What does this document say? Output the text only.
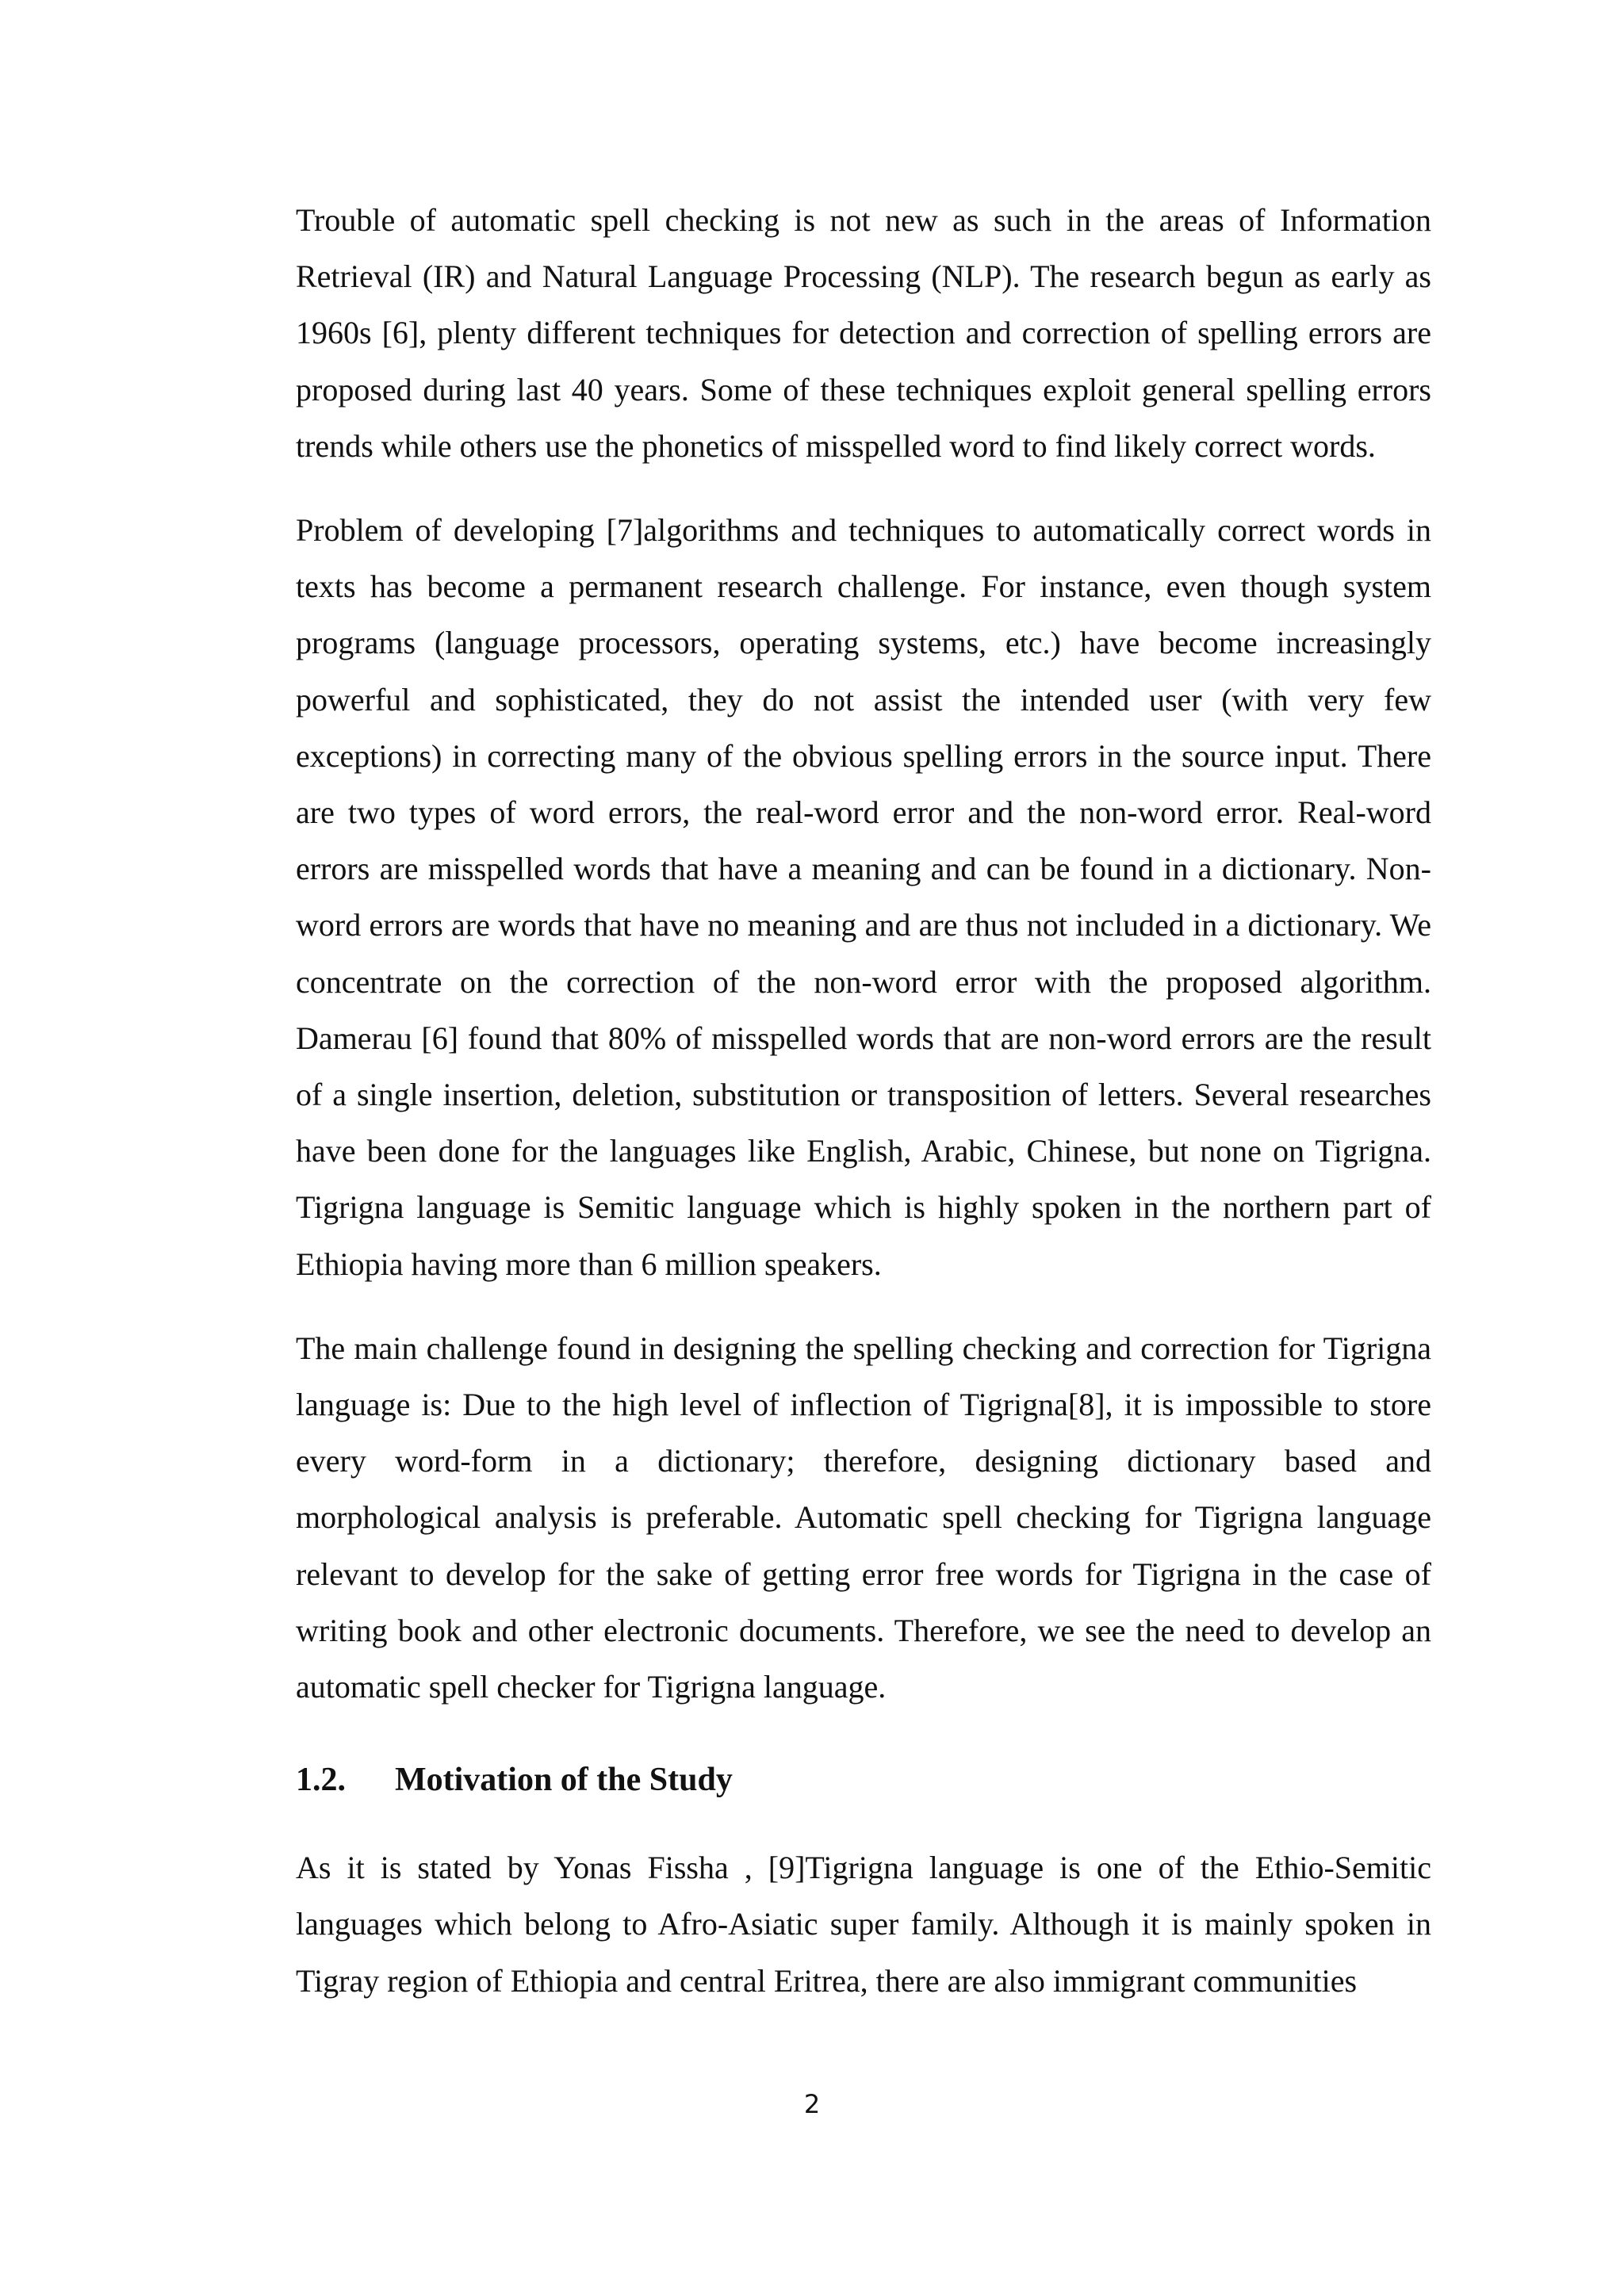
Trouble of automatic spell checking is not new as such in the areas of Information Retrieval (IR) and Natural Language Processing (NLP). The research begun as early as 1960s [6], plenty different techniques for detection and correction of spelling errors are proposed during last 40 years. Some of these techniques exploit general spelling errors trends while others use the phonetics of misspelled word to find likely correct words.

Problem of developing [7]algorithms and techniques to automatically correct words in texts has become a permanent research challenge. For instance, even though system programs (language processors, operating systems, etc.) have become increasingly powerful and sophisticated, they do not assist the intended user (with very few exceptions) in correcting many of the obvious spelling errors in the source input. There are two types of word errors, the real-word error and the non-word error. Real-word errors are misspelled words that have a meaning and can be found in a dictionary. Non-word errors are words that have no meaning and are thus not included in a dictionary. We concentrate on the correction of the non-word error with the proposed algorithm. Damerau [6] found that 80% of misspelled words that are non-word errors are the result of a single insertion, deletion, substitution or transposition of letters. Several researches have been done for the languages like English, Arabic, Chinese, but none on Tigrigna. Tigrigna language is Semitic language which is highly spoken in the northern part of Ethiopia having more than 6 million speakers.

The main challenge found in designing the spelling checking and correction for Tigrigna language is: Due to the high level of inflection of Tigrigna[8], it is impossible to store every word-form in a dictionary; therefore, designing dictionary based and morphological analysis is preferable. Automatic spell checking for Tigrigna language relevant to develop for the sake of getting error free words for Tigrigna in the case of writing book and other electronic documents. Therefore, we see the need to develop an automatic spell checker for Tigrigna language.

1.2.	Motivation of the Study

As it is stated by Yonas Fissha , [9]Tigrigna language is one of the Ethio-Semitic languages which belong to Afro-Asiatic super family. Although it is mainly spoken in Tigray region of Ethiopia and central Eritrea, there are also immigrant communities

2
